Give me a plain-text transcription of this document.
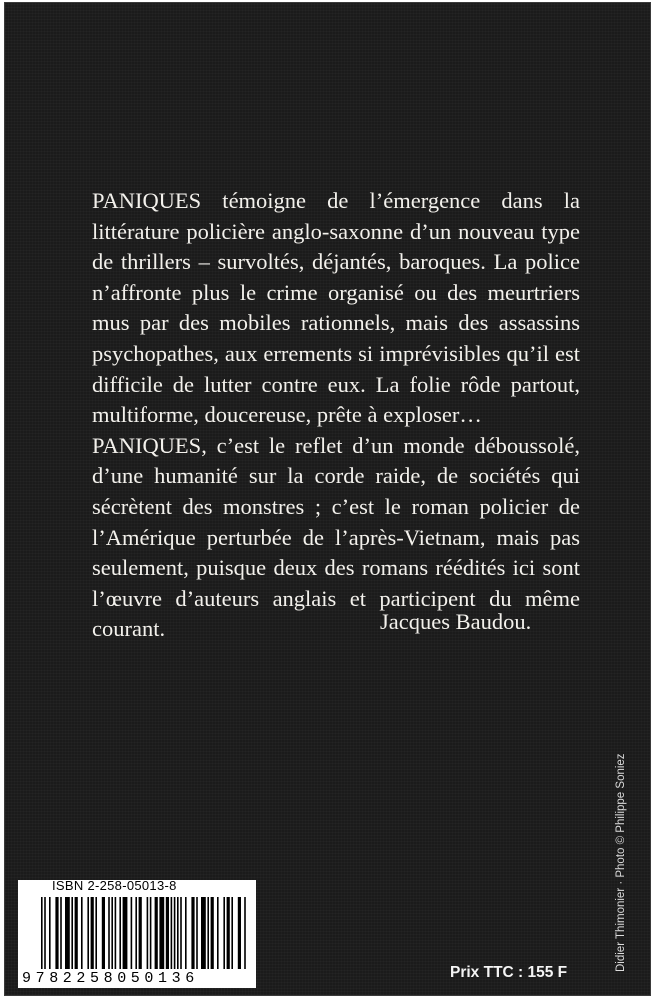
PANIQUES témoigne de l’émergence dans la littérature policière anglo-saxonne d’un nouveau type de thrillers – survoltés, déjantés, baroques. La police n’affronte plus le crime organisé ou des meurtriers mus par des mobiles rationnels, mais des assassins psychopathes, aux errements si imprévisibles qu’il est difficile de lutter contre eux. La folie rôde partout, multiforme, doucereuse, prête à exploser…

PANIQUES, c’est le reflet d’un monde déboussolé, d’une humanité sur la corde raide, de sociétés qui sécrètent des monstres ; c’est le roman policier de l’Amérique perturbée de l’après-Vietnam, mais pas seulement, puisque deux des romans réédités ici sont l’œuvre d’auteurs anglais et participent du même courant.	Jacques Baudou.

Didier Thimonier · Photo © Philippe Soniez

ISBN 2-258-05013-8

9782258050136	Prix TTC : 155 F
